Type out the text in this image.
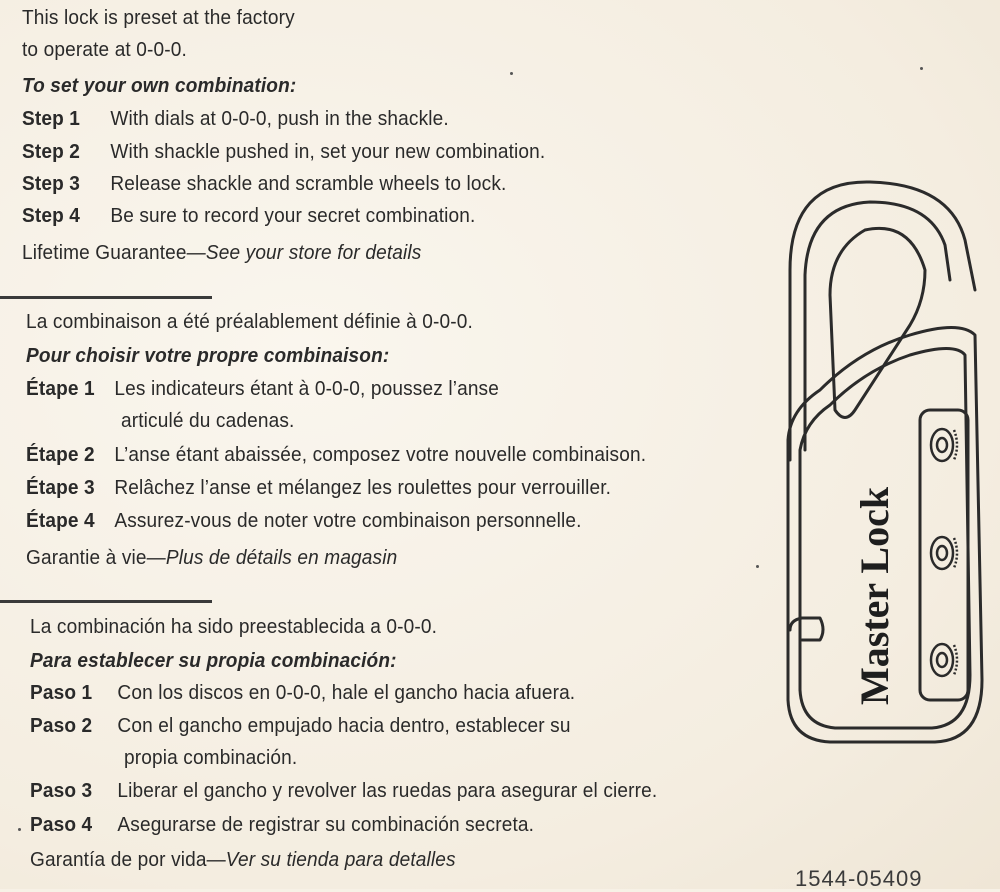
This lock is preset at the factory
to operate at 0-0-0.
To set your own combination:
Step 1 With dials at 0-0-0, push in the shackle.
Step 2 With shackle pushed in, set your new combination.
Step 3 Release shackle and scramble wheels to lock.
Step 4 Be sure to record your secret combination.
Lifetime Guarantee—See your store for details
La combinaison a été préalablement définie à 0-0-0.
Pour choisir votre propre combinaison:
Étape 1 Les indicateurs étant à 0-0-0, poussez l’anse
articulé du cadenas.
Étape 2 L’anse étant abaissée, composez votre nouvelle combinaison.
Étape 3 Relâchez l’anse et mélangez les roulettes pour verrouiller.
Étape 4 Assurez-vous de noter votre combinaison personnelle.
Garantie à vie—Plus de détails en magasin
La combinación ha sido preestablecida a 0-0-0.
Para establecer su propia combinación:
Paso 1 Con los discos en 0-0-0, hale el gancho hacia afuera.
Paso 2 Con el gancho empujado hacia dentro, establecer su
propia combinación.
Paso 3 Liberar el gancho y revolver las ruedas para asegurar el cierre.
Paso 4 Asegurarse de registrar su combinación secreta.
Garantía de por vida—Ver su tienda para detalles
Master Lock
1544-05409
